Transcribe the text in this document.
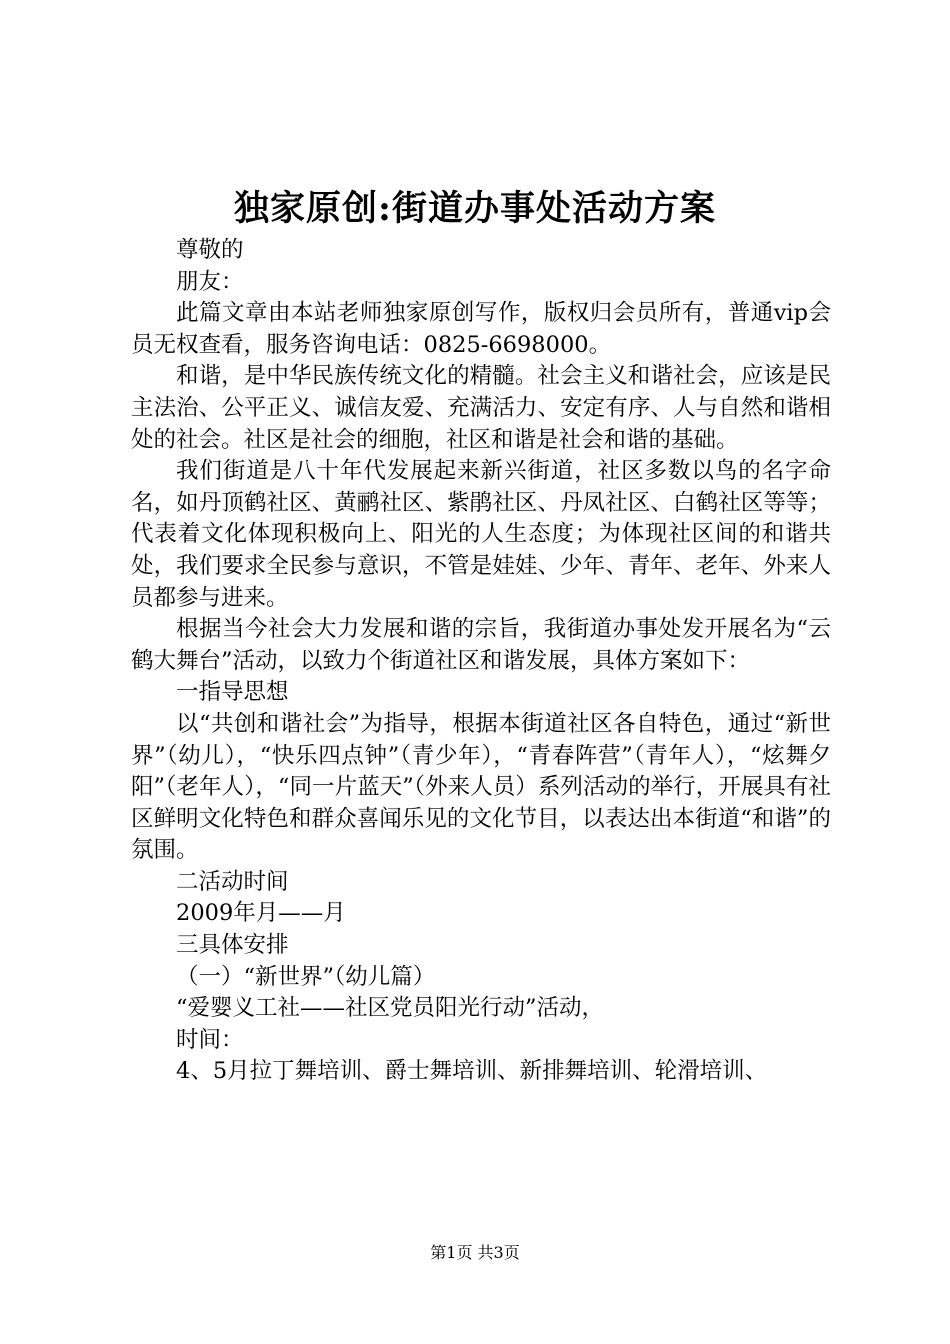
独家原创:街道办事处活动方案
尊敬的
朋友：

此篇文章由本站老师独家原创写作，版权归会员所有，普通vip会员无权查看，服务咨询电话：0825-6698000。

和谐，是中华民族传统文化的精髓。社会主义和谐社会，应该是民主法治、公平正义、诚信友爱、充满活力、安定有序、人与自然和谐相处的社会。社区是社会的细胞，社区和谐是社会和谐的基础。

我们街道是八十年代发展起来新兴街道，社区多数以鸟的名字命名，如丹顶鹤社区、黄鹂社区、紫鹃社区、丹凤社区、白鹤社区等等；代表着文化体现积极向上、阳光的人生态度；为体现社区间的和谐共处，我们要求全民参与意识，不管是娃娃、少年、青年、老年、外来人员都参与进来。

根据当今社会大力发展和谐的宗旨，我街道办事处发开展名为“云鹤大舞台”活动，以致力个街道社区和谐发展，具体方案如下：

一指导思想

以“共创和谐社会”为指导，根据本街道社区各自特色，通过“新世界”（幼儿），“快乐四点钟”（青少年），“青春阵营”（青年人），“炫舞夕阳”（老年人），“同一片蓝天”（外来人员）系列活动的举行，开展具有社区鲜明文化特色和群众喜闻乐见的文化节目，以表达出本街道“和谐”的氛围。

二活动时间
2009年月——月
三具体安排
（一）“新世界”（幼儿篇）
“爱婴义工社——社区党员阳光行动”活动，
时间：
4、5月拉丁舞培训、爵士舞培训、新排舞培训、轮滑培训、
第1页 共3页
